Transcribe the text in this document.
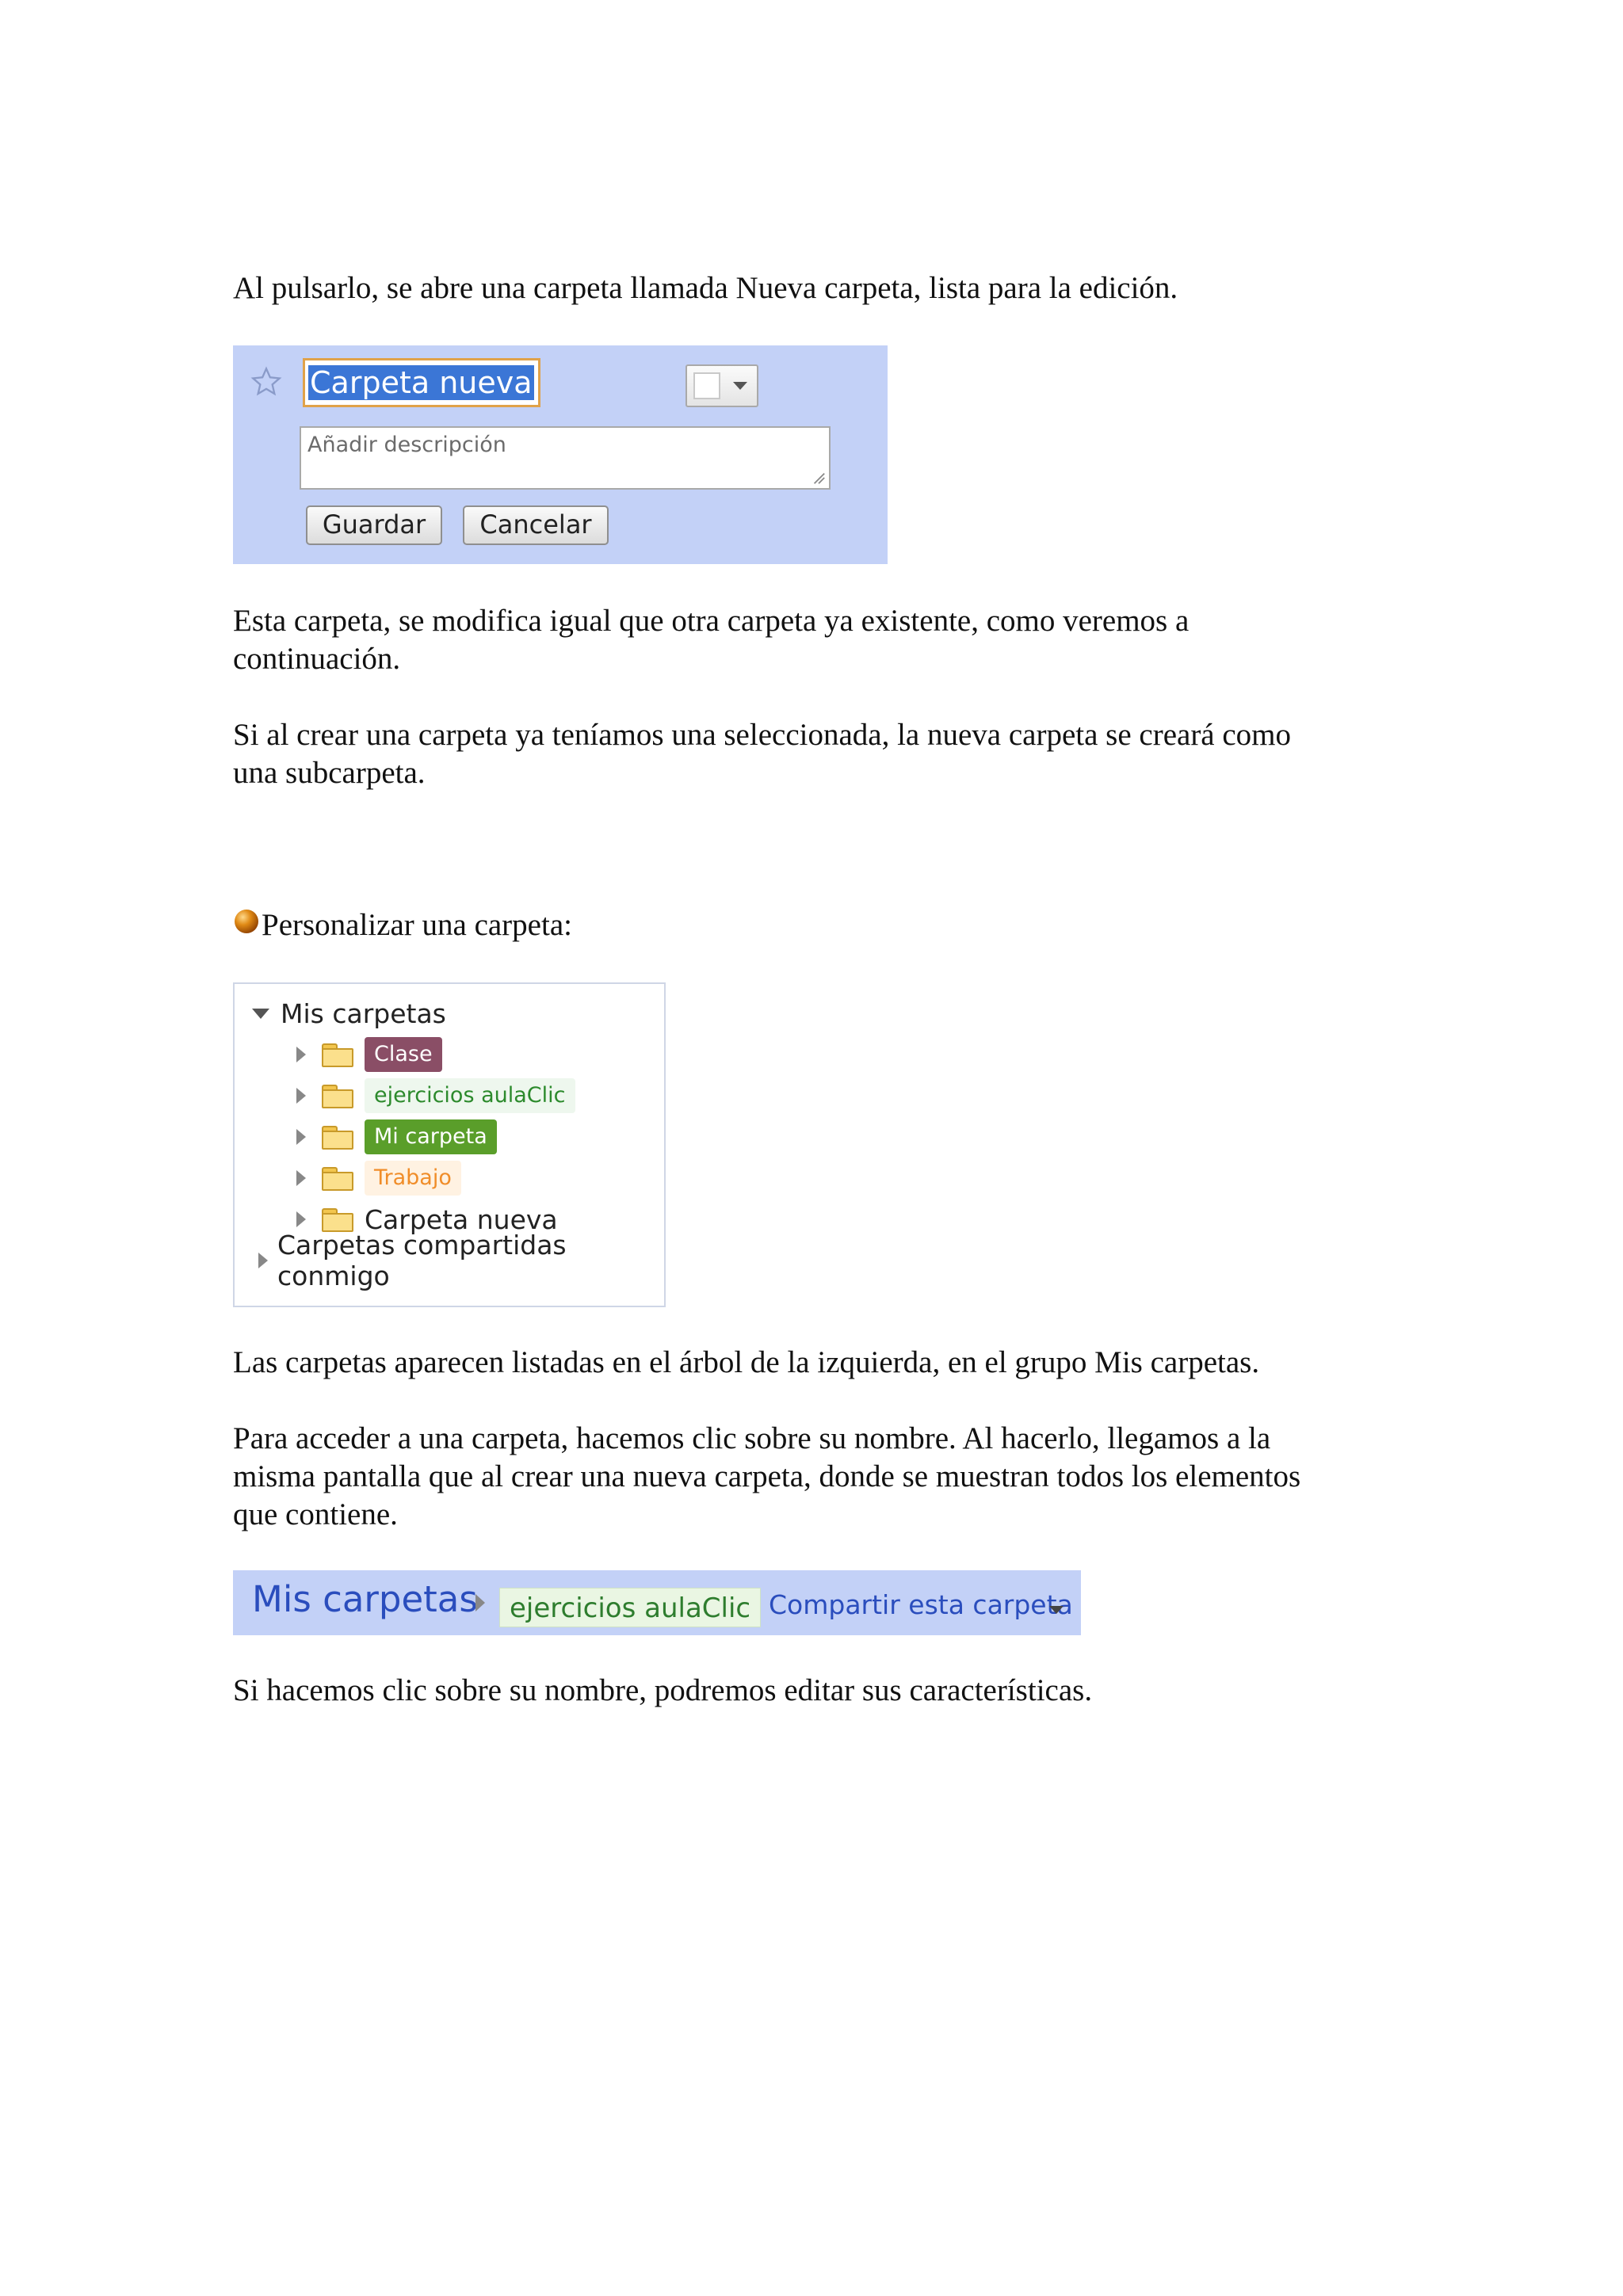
Al pulsarlo, se abre una carpeta llamada Nueva carpeta, lista para la edición.

Carpeta nueva
Añadir descripción
Guardar	Cancelar

Esta carpeta, se modifica igual que otra carpeta ya existente, como veremos a
continuación.

Si al crear una carpeta ya teníamos una seleccionada, la nueva carpeta se creará como
una subcarpeta.

Personalizar una carpeta:

Mis carpetas
Clase
ejercicios aulaClic
Mi carpeta
Trabajo
Carpeta nueva
Carpetas compartidas conmigo

Las carpetas aparecen listadas en el árbol de la izquierda, en el grupo Mis carpetas.

Para acceder a una carpeta, hacemos clic sobre su nombre. Al hacerlo, llegamos a la
misma pantalla que al crear una nueva carpeta, donde se muestran todos los elementos
que contiene.

Mis carpetas	ejercicios aulaClic Compartir esta carpeta

Si hacemos clic sobre su nombre, podremos editar sus características.
